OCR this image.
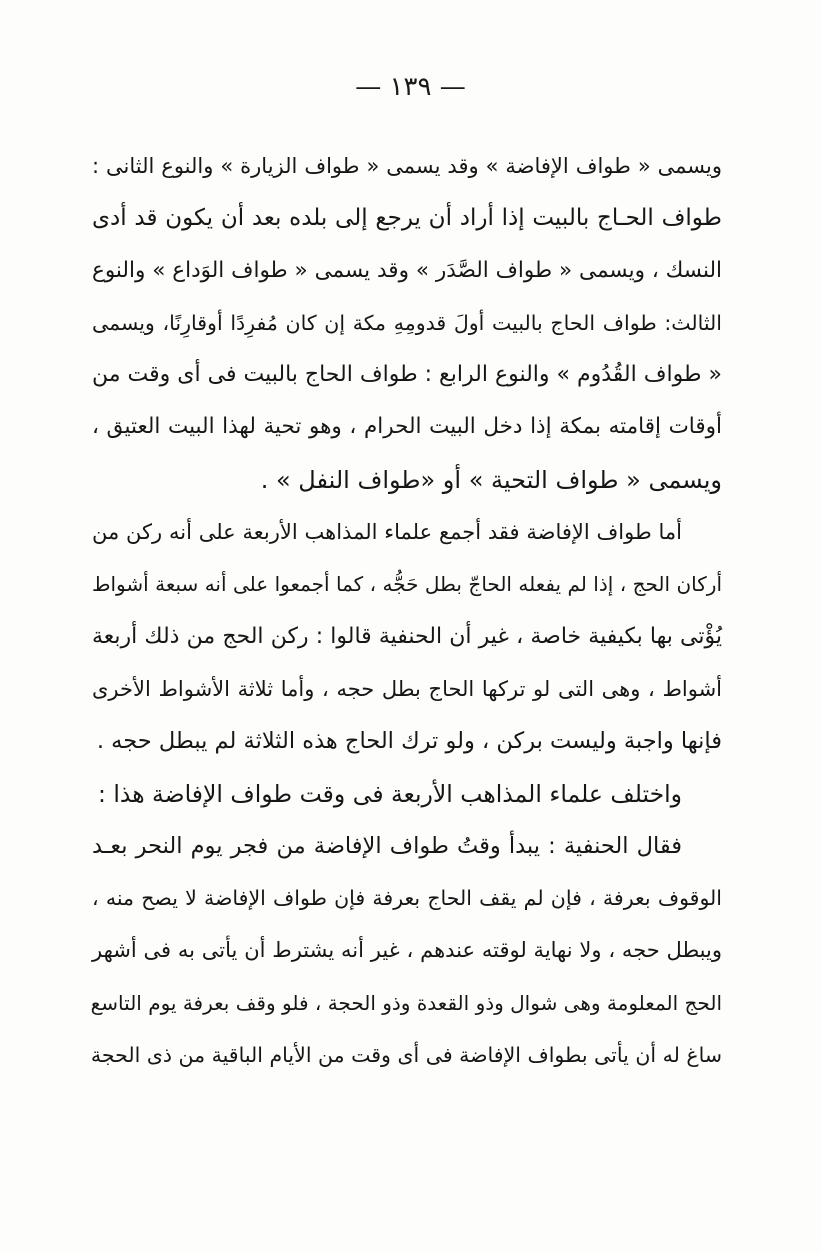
— ١٣٩ —
ويسمى « طواف الإفاضة » وقد يسمى « طواف الزيارة » والنوع الثانى :
طواف الحـاج بالبيت إذا أراد أن يرجع إلى بلده بعد أن يكون قد أدى
النسك ، ويسمى « طواف الصَّدَر » وقد يسمى « طواف الوَداع » والنوع
الثالث: طواف الحاج بالبيت أولَ قدومِهِ مكة إن كان مُفرِدًا أوقارِنًا، ويسمى
« طواف القُدُوم » والنوع الرابع : طواف الحاج بالبيت فى أى وقت من
أوقات إقامته بمكة إذا دخل البيت الحرام ، وهو تحية لهذا البيت العتيق ،
ويسمى « طواف التحية » أو «طواف النفل » .
أما طواف الإفاضة فقد أجمع علماء المذاهب الأربعة على أنه ركن من
أركان الحج ، إذا لم يفعله الحاجّ بطل حَجُّه ، كما أجمعوا على أنه سبعة أشواط
يُؤْتى بها بكيفية خاصة ، غير أن الحنفية قالوا : ركن الحج من ذلك أربعة
أشواط ، وهى التى لو تركها الحاج بطل حجه ، وأما ثلاثة الأشواط الأخرى
فإنها واجبة وليست بركن ، ولو ترك الحاج هذه الثلاثة لم يبطل حجه .
واختلف علماء المذاهب الأربعة فى وقت طواف الإفاضة هذا :
فقال الحنفية : يبدأ وقتُ طواف الإفاضة من فجر يوم النحر بعـد
الوقوف بعرفة ، فإن لم يقف الحاج بعرفة فإن طواف الإفاضة لا يصح منه ،
ويبطل حجه ، ولا نهاية لوقته عندهم ، غير أنه يشترط أن يأتى به فى أشهر
الحج المعلومة وهى شوال وذو القعدة وذو الحجة ، فلو وقف بعرفة يوم التاسع
ساغ له أن يأتى بطواف الإفاضة فى أى وقت من الأيام الباقية من ذى الحجة
